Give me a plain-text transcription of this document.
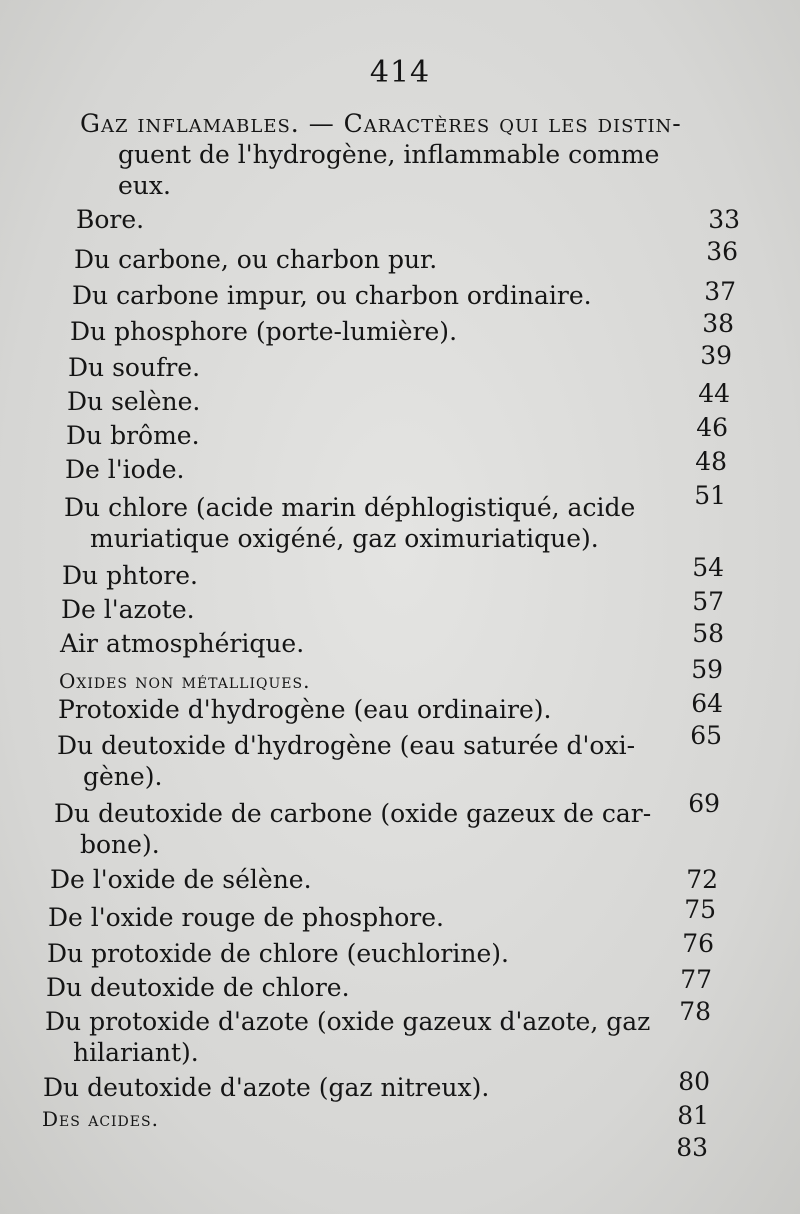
414
Gaz inflamables. — Caractères qui les distin-
guent de l'hydrogène, inflammable comme
eux.
Bore.	33
Du carbone, ou charbon pur.	36
Du carbone impur, ou charbon ordinaire.	37
Du phosphore (porte-lumière).	38
Du soufre.	39
Du selène.	44
Du brôme.	46
De l'iode.	48
Du chlore (acide marin déphlogistiqué, acide
muriatique oxigéné, gaz oximuriatique).
51
Du phtore.	54
De l'azote.	57
Air atmosphérique.	58
Oxides non métalliques.	59
Protoxide d'hydrogène (eau ordinaire).	64
Du deutoxide d'hydrogène (eau saturée d'oxi-
gène).
65
Du deutoxide de carbone (oxide gazeux de car-
bone).
69
De l'oxide de sélène.	72
De l'oxide rouge de phosphore.	75
Du protoxide de chlore (euchlorine).	76
Du deutoxide de chlore.	77
Du protoxide d'azote (oxide gazeux d'azote, gaz
hilariant).
78
Du deutoxide d'azote (gaz nitreux).	80
Des acides.	81
83
